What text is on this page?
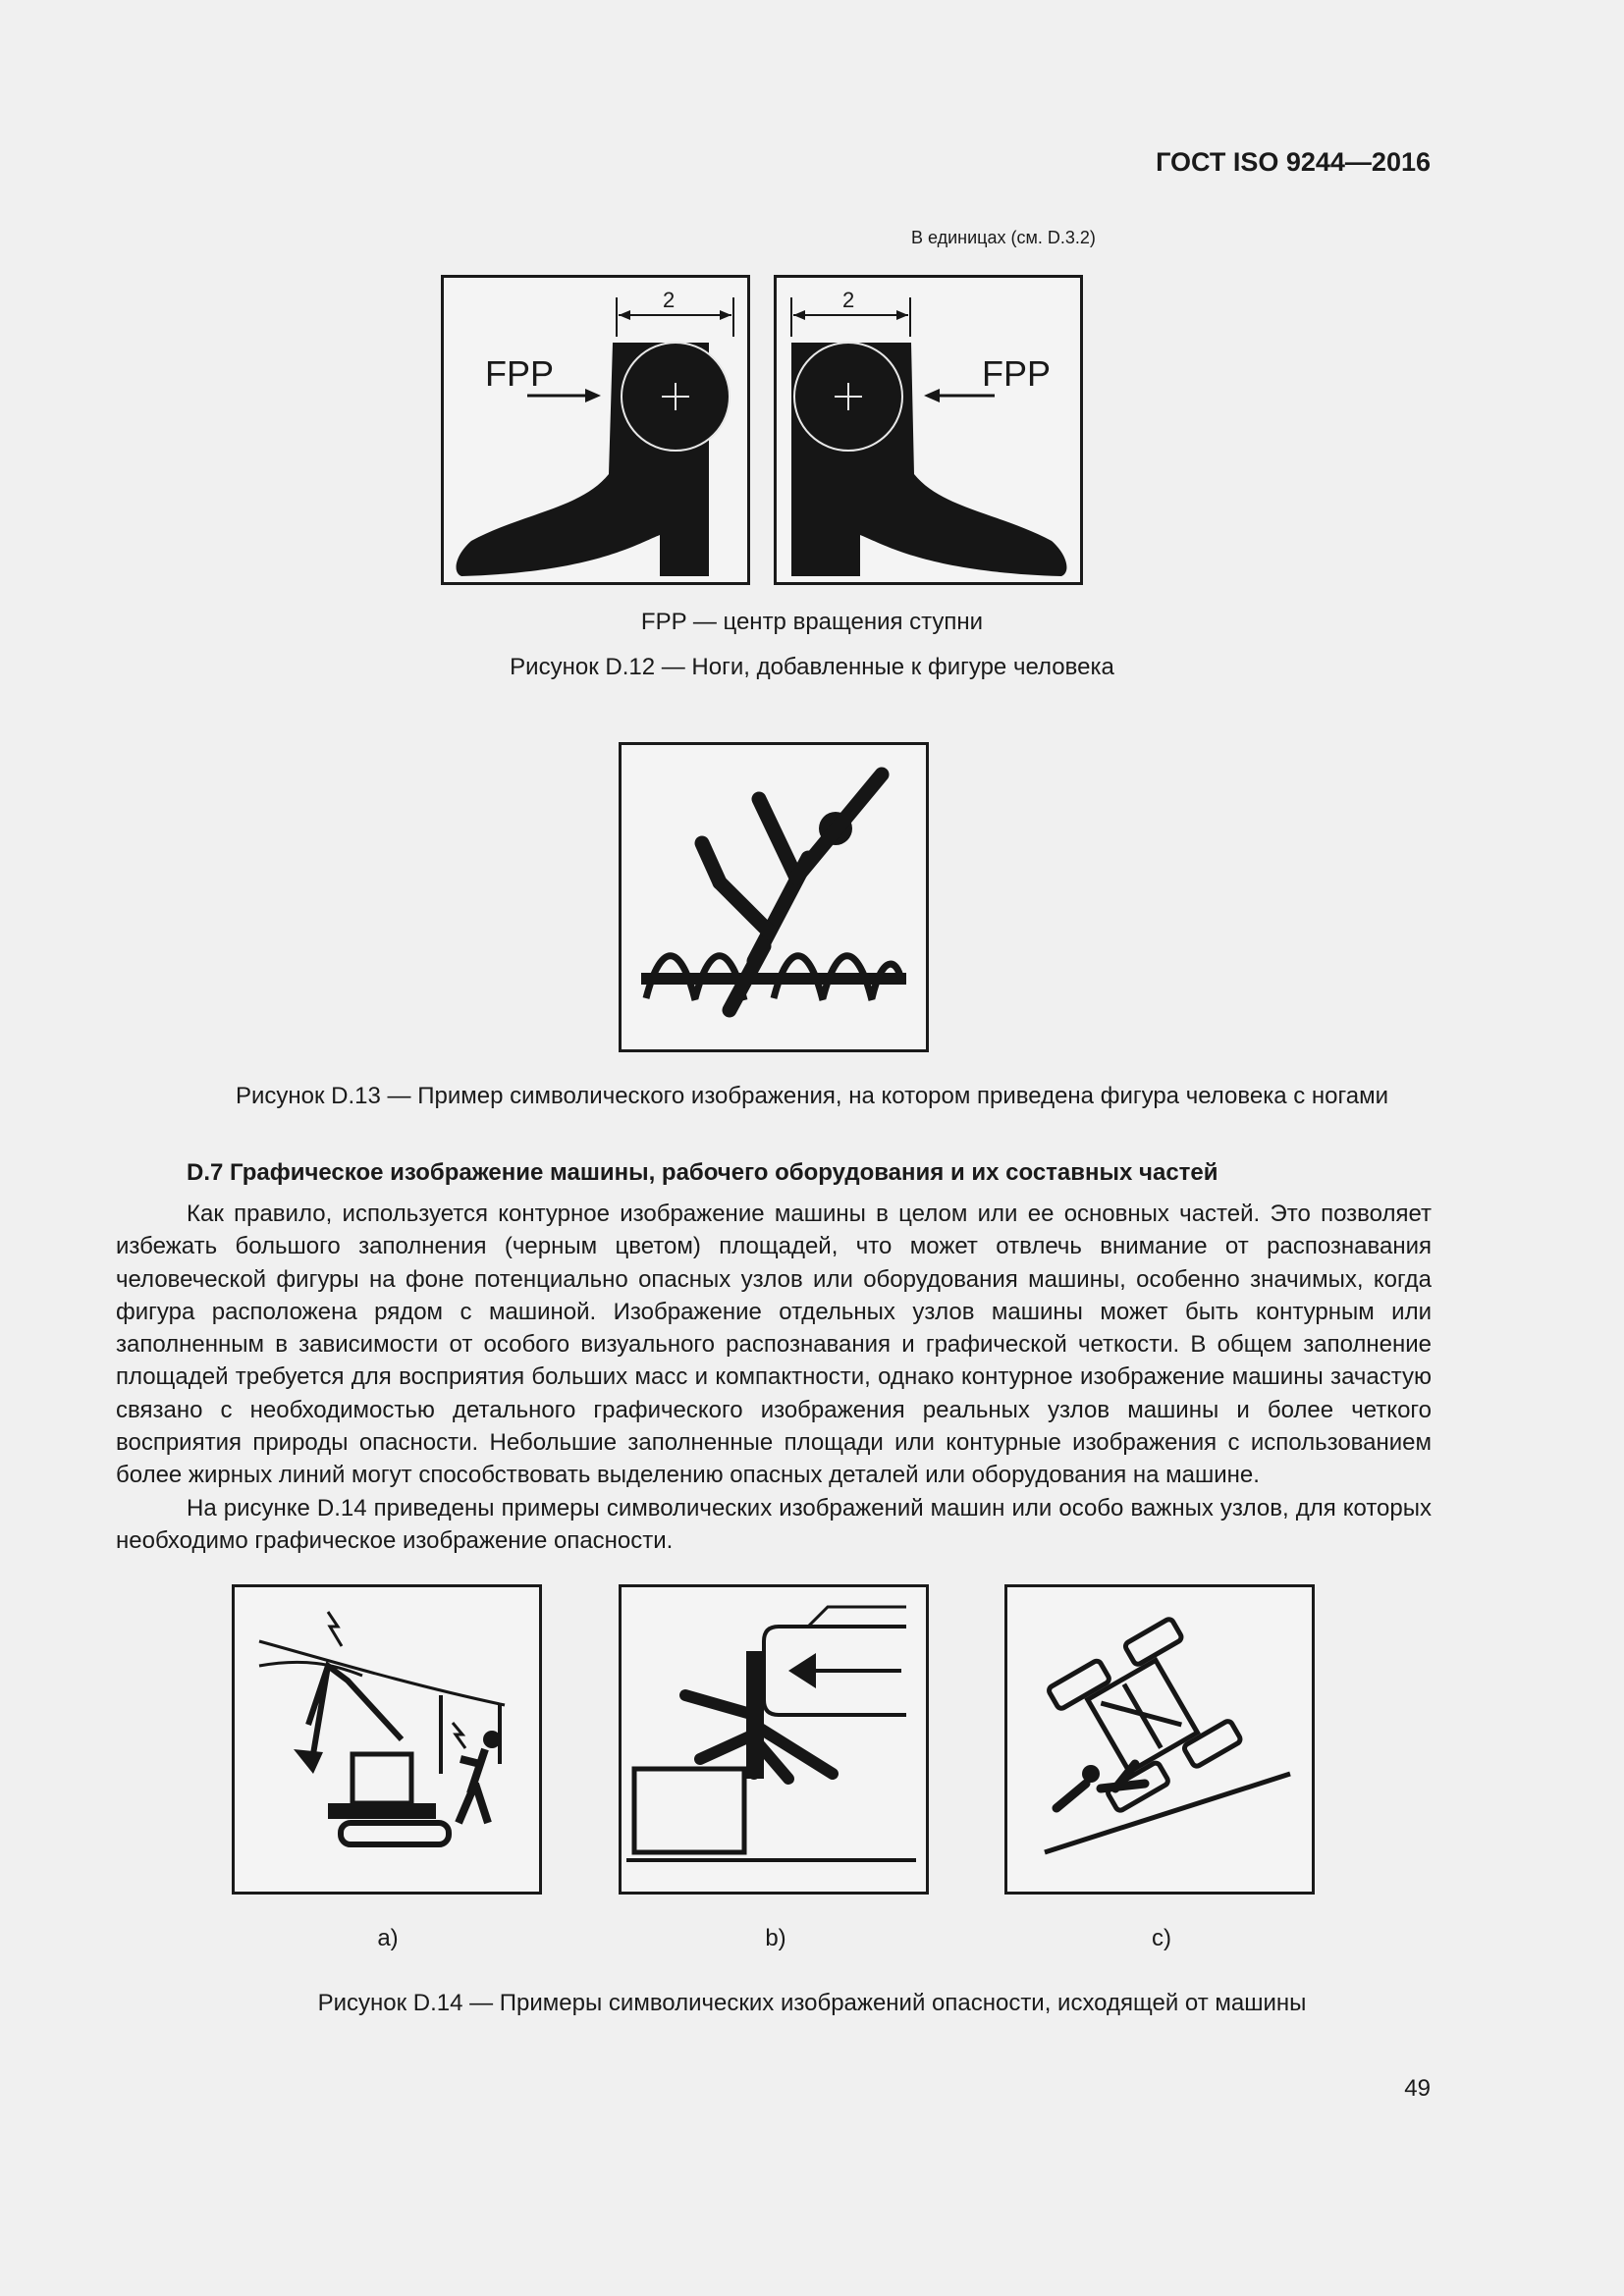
ГОСТ ISO 9244—2016
В единицах (см. D.3.2)
2
FPP
2
FPP
FPP — центр вращения ступни
Рисунок D.12 — Ноги, добавленные к фигуре человека
Рисунок D.13 — Пример символического изображения, на котором приведена фигура человека с ногами
D.7 Графическое изображение машины, рабочего оборудования и их составных частей

Как правило, используется контурное изображение машины в целом или ее основных частей. Это позволяет избежать большого заполнения (черным цветом) площадей, что может отвлечь внимание от распознавания человеческой фигуры на фоне потенциально опасных узлов или оборудования машины, особенно значимых, когда фигура расположена рядом с машиной. Изображение отдельных узлов машины может быть контурным или заполненным в зависимости от особого визуального распознавания и графической четкости. В общем заполнение площадей требуется для восприятия больших масс и компактности, однако контурное изображение машины зачастую связано с необходимостью детального графического изображения реальных узлов машины и более четкого восприятия природы опасности. Небольшие заполненные площади или контурные изображения с использованием более жирных линий могут способствовать выделению опасных деталей или оборудования на машине.

На рисунке D.14 приведены примеры символических изображений машин или особо важных узлов, для которых необходимо графическое изображение опасности.

а)	b)	с)
Рисунок D.14 — Примеры символических изображений опасности, исходящей от машины
49
